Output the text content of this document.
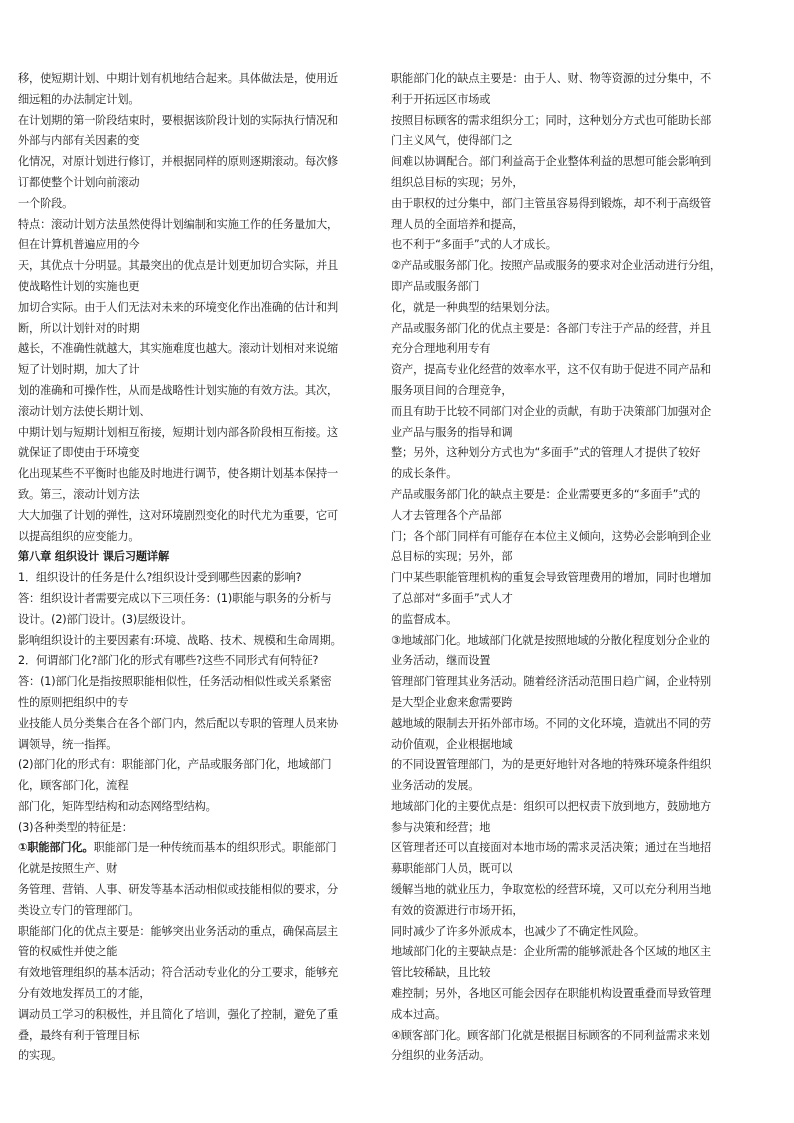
移，使短期计划、中期计划有机地结合起来。具体做法是，使用近
细远粗的办法制定计划。
在计划期的第一阶段结束时，要根据该阶段计划的实际执行情况和
外部与内部有关因素的变
化情况，对原计划进行修订，并根据同样的原则逐期滚动。每次修
订都使整个计划向前滚动
一个阶段。
特点：滚动计划方法虽然使得计划编制和实施工作的任务量加大，
但在计算机普遍应用的今
天，其优点十分明显。其最突出的优点是计划更加切合实际，并且
使战略性计划的实施也更
加切合实际。由于人们无法对未来的环境变化作出准确的估计和判
断，所以计划针对的时期
越长，不准确性就越大，其实施难度也越大。滚动计划相对来说缩
短了计划时期，加大了计
划的准确和可操作性，从而是战略性计划实施的有效方法。其次，
滚动计划方法使长期计划、
中期计划与短期计划相互衔接，短期计划内部各阶段相互衔接。这
就保证了即使由于环境变
化出现某些不平衡时也能及时地进行调节，使各期计划基本保持一
致。第三，滚动计划方法
大大加强了计划的弹性，这对环境剧烈变化的时代尤为重要，它可
以提高组织的应变能力。
第八章 组织设计 课后习题详解
1．组织设计的任务是什么?组织设计受到哪些因素的影响?
答：组织设计者需要完成以下三项任务：(1)职能与职务的分析与
设计。(2)部门设计。(3)层级设计。
影响组织设计的主要因素有:环境、战略、技术、规模和生命周期。
2．何谓部门化?部门化的形式有哪些?这些不同形式有何特征?
答：(1)部门化是指按照职能相似性，任务活动相似性或关系紧密
性的原则把组织中的专
业技能人员分类集合在各个部门内，然后配以专职的管理人员来协
调领导，统一指挥。
(2)部门化的形式有：职能部门化，产品或服务部门化，地域部门
化，顾客部门化，流程
部门化，矩阵型结构和动态网络型结构。
(3)各种类型的特征是：
①职能部门化。职能部门是一种传统而基本的组织形式。职能部门
化就是按照生产、财
务管理、营销、人事、研发等基本活动相似或技能相似的要求，分
类设立专门的管理部门。
职能部门化的优点主要是：能够突出业务活动的重点，确保高层主
管的权威性并使之能
有效地管理组织的基本活动；符合活动专业化的分工要求，能够充
分有效地发挥员工的才能，
调动员工学习的积极性，并且简化了培训，强化了控制，避免了重
叠，最终有利于管理目标
的实现。
职能部门化的缺点主要是：由于人、财、物等资源的过分集中，不
利于开拓远区市场或
按照目标顾客的需求组织分工；同时，这种划分方式也可能助长部
门主义风气，使得部门之
间难以协调配合。部门利益高于企业整体利益的思想可能会影响到
组织总目标的实现；另外，
由于职权的过分集中，部门主管虽容易得到锻炼，却不利于高级管
理人员的全面培养和提高，
也不利于“多面手”式的人才成长。
②产品或服务部门化。按照产品或服务的要求对企业活动进行分组，
即产品或服务部门
化，就是一种典型的结果划分法。
产品或服务部门化的优点主要是：各部门专注于产品的经营，并且
充分合理地利用专有
资产，提高专业化经营的效率水平，这不仅有助于促进不同产品和
服务项目间的合理竞争，
而且有助于比较不同部门对企业的贡献，有助于决策部门加强对企
业产品与服务的指导和调
整；另外，这种划分方式也为“多面手”式的管理人才提供了较好
的成长条件。
产品或服务部门化的缺点主要是：企业需要更多的“多面手”式的
人才去管理各个产品部
门；各个部门同样有可能存在本位主义倾向，这势必会影响到企业
总目标的实现；另外，部
门中某些职能管理机构的重复会导致管理费用的增加，同时也增加
了总部对“多面手”式人才
的监督成本。
③地域部门化。地域部门化就是按照地域的分散化程度划分企业的
业务活动，继而设置
管理部门管理其业务活动。随着经济活动范围日趋广阔，企业特别
是大型企业愈来愈需要跨
越地域的限制去开拓外部市场。不同的文化环境，造就出不同的劳
动价值观，企业根据地域
的不同设置管理部门，为的是更好地针对各地的特殊环境条件组织
业务活动的发展。
地域部门化的主要优点是：组织可以把权责下放到地方，鼓励地方
参与决策和经营；地
区管理者还可以直接面对本地市场的需求灵活决策；通过在当地招
募职能部门人员，既可以
缓解当地的就业压力，争取宽松的经营环境，又可以充分利用当地
有效的资源进行市场开拓，
同时减少了许多外派成本，也减少了不确定性风险。
地域部门化的主要缺点是：企业所需的能够派赴各个区域的地区主
管比较稀缺，且比较
难控制；另外，各地区可能会因存在职能机构设置重叠而导致管理
成本过高。
④顾客部门化。顾客部门化就是根据目标顾客的不同利益需求来划
分组织的业务活动。
